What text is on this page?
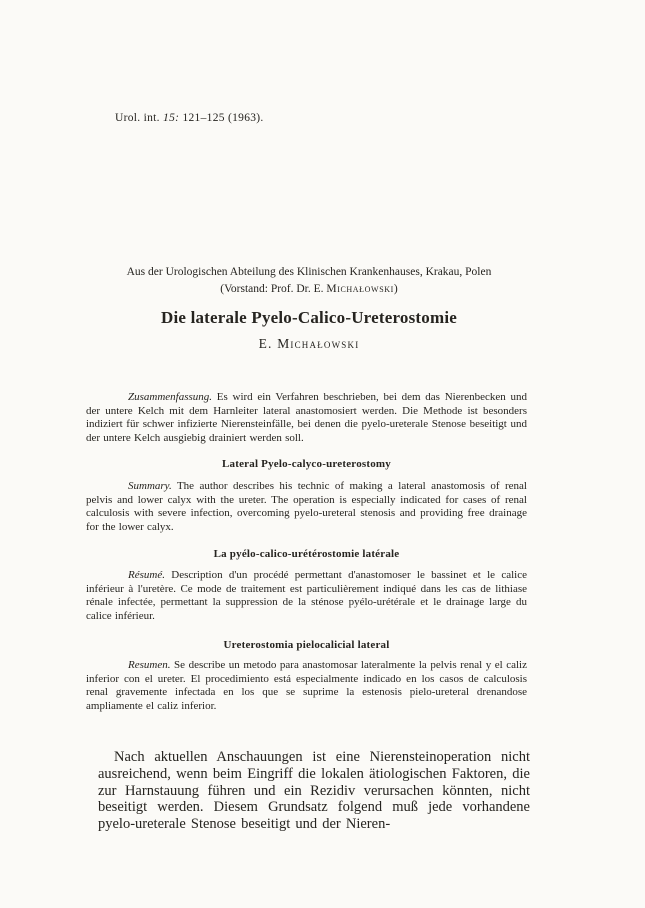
Urol. int. 15: 121–125 (1963).
Aus der Urologischen Abteilung des Klinischen Krankenhauses, Krakau, Polen
(Vorstand: Prof. Dr. E. Michałowski)
Die laterale Pyelo-Calico-Ureterostomie
E. Michałowski

Zusammenfassung. Es wird ein Verfahren beschrieben, bei dem das Nierenbecken und der untere Kelch mit dem Harnleiter lateral anastomosiert werden. Die Methode ist besonders indiziert für schwer infizierte Nierensteinfälle, bei denen die pyelo-ureterale Stenose beseitigt und der untere Kelch ausgiebig drainiert werden soll.

Lateral Pyelo-calyco-ureterostomy

Summary. The author describes his technic of making a lateral anastomosis of renal pelvis and lower calyx with the ureter. The operation is especially indicated for cases of renal calculosis with severe infection, overcoming pyelo-ureteral stenosis and providing free drainage for the lower calyx.

La pyélo-calico-urétérostomie latérale

Résumé. Description d'un procédé permettant d'anastomoser le bassinet et le calice inférieur à l'uretère. Ce mode de traitement est particulièrement indiqué dans les cas de lithiase rénale infectée, permettant la suppression de la sténose pyélo-urétérale et le drainage large du calice inférieur.

Ureterostomia pielocalicial lateral

Resumen. Se describe un metodo para anastomosar lateralmente la pelvis renal y el caliz inferior con el ureter. El procedimiento está especialmente indicado en los casos de calculosis renal gravemente infectada en los que se suprime la estenosis pielo-ureteral drenandose ampliamente el caliz inferior.

Nach aktuellen Anschauungen ist eine Nierensteinoperation nicht ausreichend, wenn beim Eingriff die lokalen ätiologischen Faktoren, die zur Harnstauung führen und ein Rezidiv verursachen könnten, nicht beseitigt werden. Diesem Grundsatz folgend muß jede vorhandene pyelo-ureterale Stenose beseitigt und der Nieren-
